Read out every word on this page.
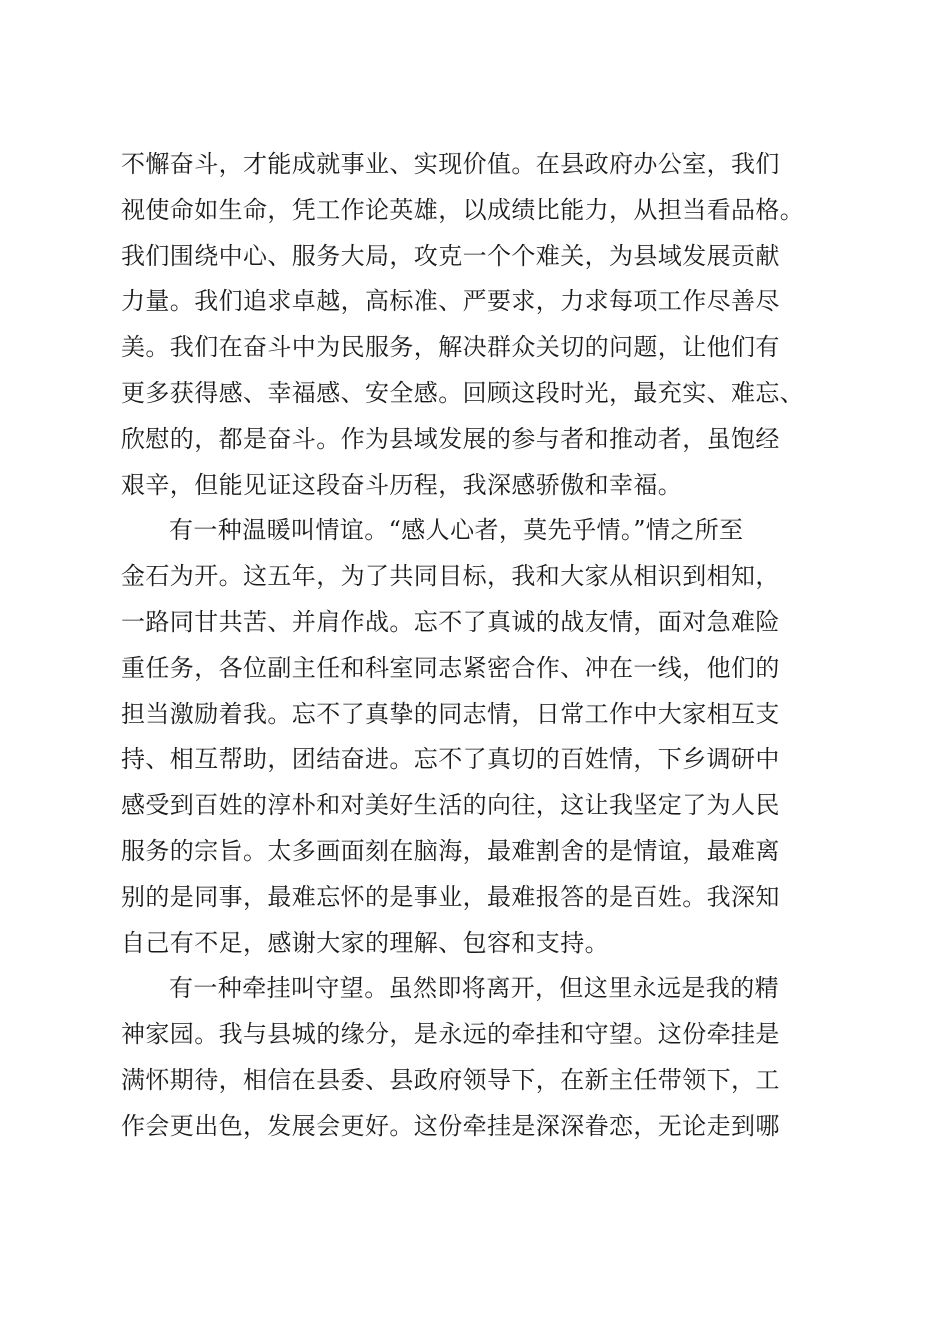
不懈奋斗，才能成就事业、实现价值。在县政府办公室，我们
视使命如生命，凭工作论英雄，以成绩比能力，从担当看品格。
我们围绕中心、服务大局，攻克一个个难关，为县域发展贡献
力量。我们追求卓越，高标准、严要求，力求每项工作尽善尽
美。我们在奋斗中为民服务，解决群众关切的问题，让他们有
更多获得感、幸福感、安全感。回顾这段时光，最充实、难忘、
欣慰的，都是奋斗。作为县域发展的参与者和推动者，虽饱经
艰辛，但能见证这段奋斗历程，我深感骄傲和幸福。
有一种温暖叫情谊。“感人心者，莫先乎情。”情之所至
金石为开。这五年，为了共同目标，我和大家从相识到相知，
一路同甘共苦、并肩作战。忘不了真诚的战友情，面对急难险
重任务，各位副主任和科室同志紧密合作、冲在一线，他们的
担当激励着我。忘不了真挚的同志情，日常工作中大家相互支
持、相互帮助，团结奋进。忘不了真切的百姓情，下乡调研中
感受到百姓的淳朴和对美好生活的向往，这让我坚定了为人民
服务的宗旨。太多画面刻在脑海，最难割舍的是情谊，最难离
别的是同事，最难忘怀的是事业，最难报答的是百姓。我深知
自己有不足，感谢大家的理解、包容和支持。
有一种牵挂叫守望。虽然即将离开，但这里永远是我的精
神家园。我与县城的缘分，是永远的牵挂和守望。这份牵挂是
满怀期待，相信在县委、县政府领导下，在新主任带领下，工
作会更出色，发展会更好。这份牵挂是深深眷恋，无论走到哪
